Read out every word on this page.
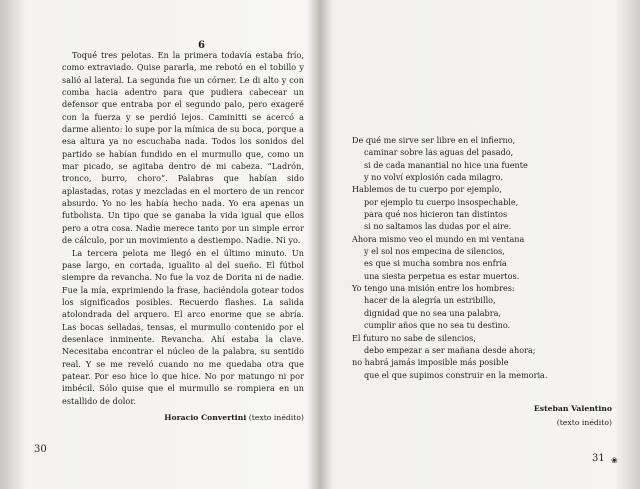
6

Toqué tres pelotas. En la primera todavía estaba frío, como extraviado. Quise pararla, me rebotó en el tobillo y salió al lateral. La segunda fue un córner. Le di alto y con comba hacia adentro para que pudiera cabecear un defensor que entraba por el segundo palo, pero exageré con la fuerza y se perdió lejos. Caminitti se acercó a darme aliento: lo supe por la mímica de su boca, porque a esa altura ya no escuchaba nada. Todos los sonidos del partido se habían fundido en el murmullo que, como un mar picado, se agitaba dentro de mi cabeza. “Ladrón, tronco, burro, choro”. Palabras que habían sido aplastadas, rotas y mezcladas en el mortero de un rencor absurdo. Yo no les había hecho nada. Yo era apenas un futbolista. Un tipo que se ganaba la vida igual que ellos pero a otra cosa. Nadie merece tanto por un simple error de cálculo, por un movimiento a destiempo. Nadie. Ni yo.

La tercera pelota me llegó en el último minuto. Un pase largo, en cortada, igualito al del sueño. El fútbol siempre da revancha. No fue la voz de Dorita ni de nadie. Fue la mía, exprimiendo la frase, haciéndola gotear todos los significados posibles. Recuerdo flashes. La salida atolondrada del arquero. El arco enorme que se abría. Las bocas selladas, tensas, el murmullo contenido por el desenlace inminente. Revancha. Ahí estaba la clave. Necesitaba encontrar el núcleo de la palabra, su sentido real. Y se me reveló cuando no me quedaba otra que patear. Por eso hice lo que hice. No por matungo ni por imbécil. Sólo quise que el murmullo se rompiera en un estallido de dolor.

Horacio Convertini (texto inédito)

30
De qué me sirve ser libre en el infierno,
caminar sobre las aguas del pasado,
si de cada manantial no hice una fuente
y no volví explosión cada milagro.
Hablemos de tu cuerpo por ejemplo,
por ejemplo tu cuerpo insospechable,
para qué nos hicieron tan distintos
si no saltamos las dudas por el aire.
Ahora mismo veo el mundo en mi ventana
y el sol nos empecina de silencios,
es que si mucha sombra nos enfría
una siesta perpetua es estar muertos.
Yo tengo una misión entre los hombres:
hacer de la alegría un estribillo,
dignidad que no sea una palabra,
cumplir años que no sea tu destino.
El futuro no sabe de silencios,
debo empezar a ser mañana desde ahora;
no habrá jamás imposible más posible
que el que supimos construir en la memoria.
Esteban Valentino
(texto inédito)
31 ❀
